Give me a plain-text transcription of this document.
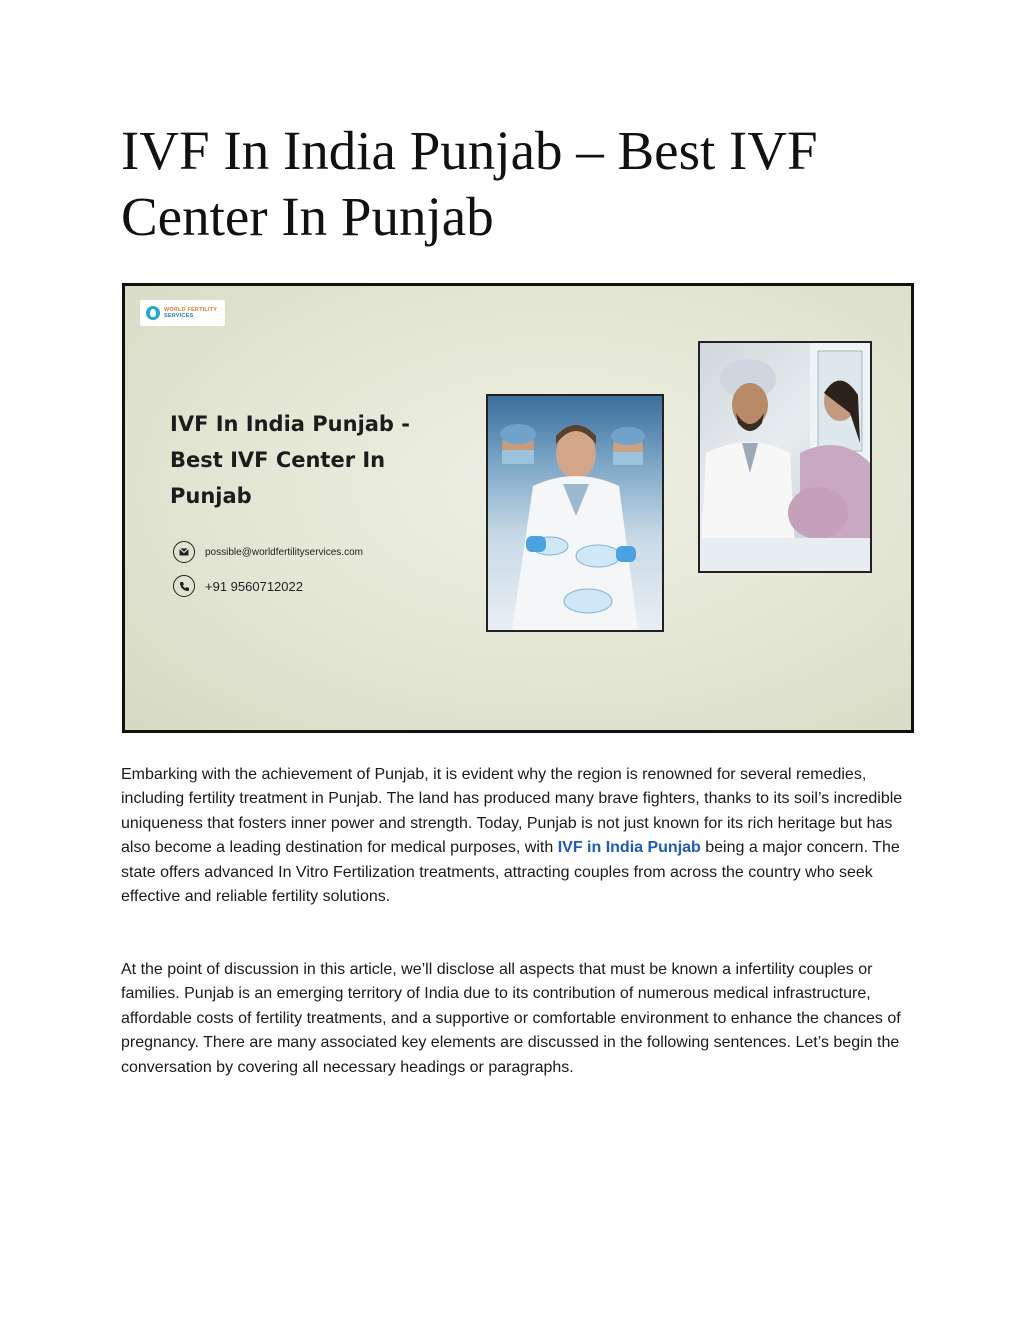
IVF In India Punjab – Best IVF Center In Punjab
WORLD FERTILITY
SERVICES
IVF In India Punjab - Best IVF Center In Punjab
possible@worldfertilityservices.com
+91 9560712022

Embarking with the achievement of Punjab, it is evident why the region is renowned for several remedies, including fertility treatment in Punjab. The land has produced many brave fighters, thanks to its soil’s incredible uniqueness that fosters inner power and strength. Today, Punjab is not just known for its rich heritage but has also become a leading destination for medical purposes, with IVF in India Punjab being a major concern. The state offers advanced In Vitro Fertilization treatments, attracting couples from across the country who seek effective and reliable fertility solutions.

At the point of discussion in this article, we’ll disclose all aspects that must be known a infertility couples or families. Punjab is an emerging territory of India due to its contribution of numerous medical infrastructure, affordable costs of fertility treatments, and a supportive or comfortable environment to enhance the chances of pregnancy. There are many associated key elements are discussed in the following sentences. Let’s begin the conversation by covering all necessary headings or paragraphs.
